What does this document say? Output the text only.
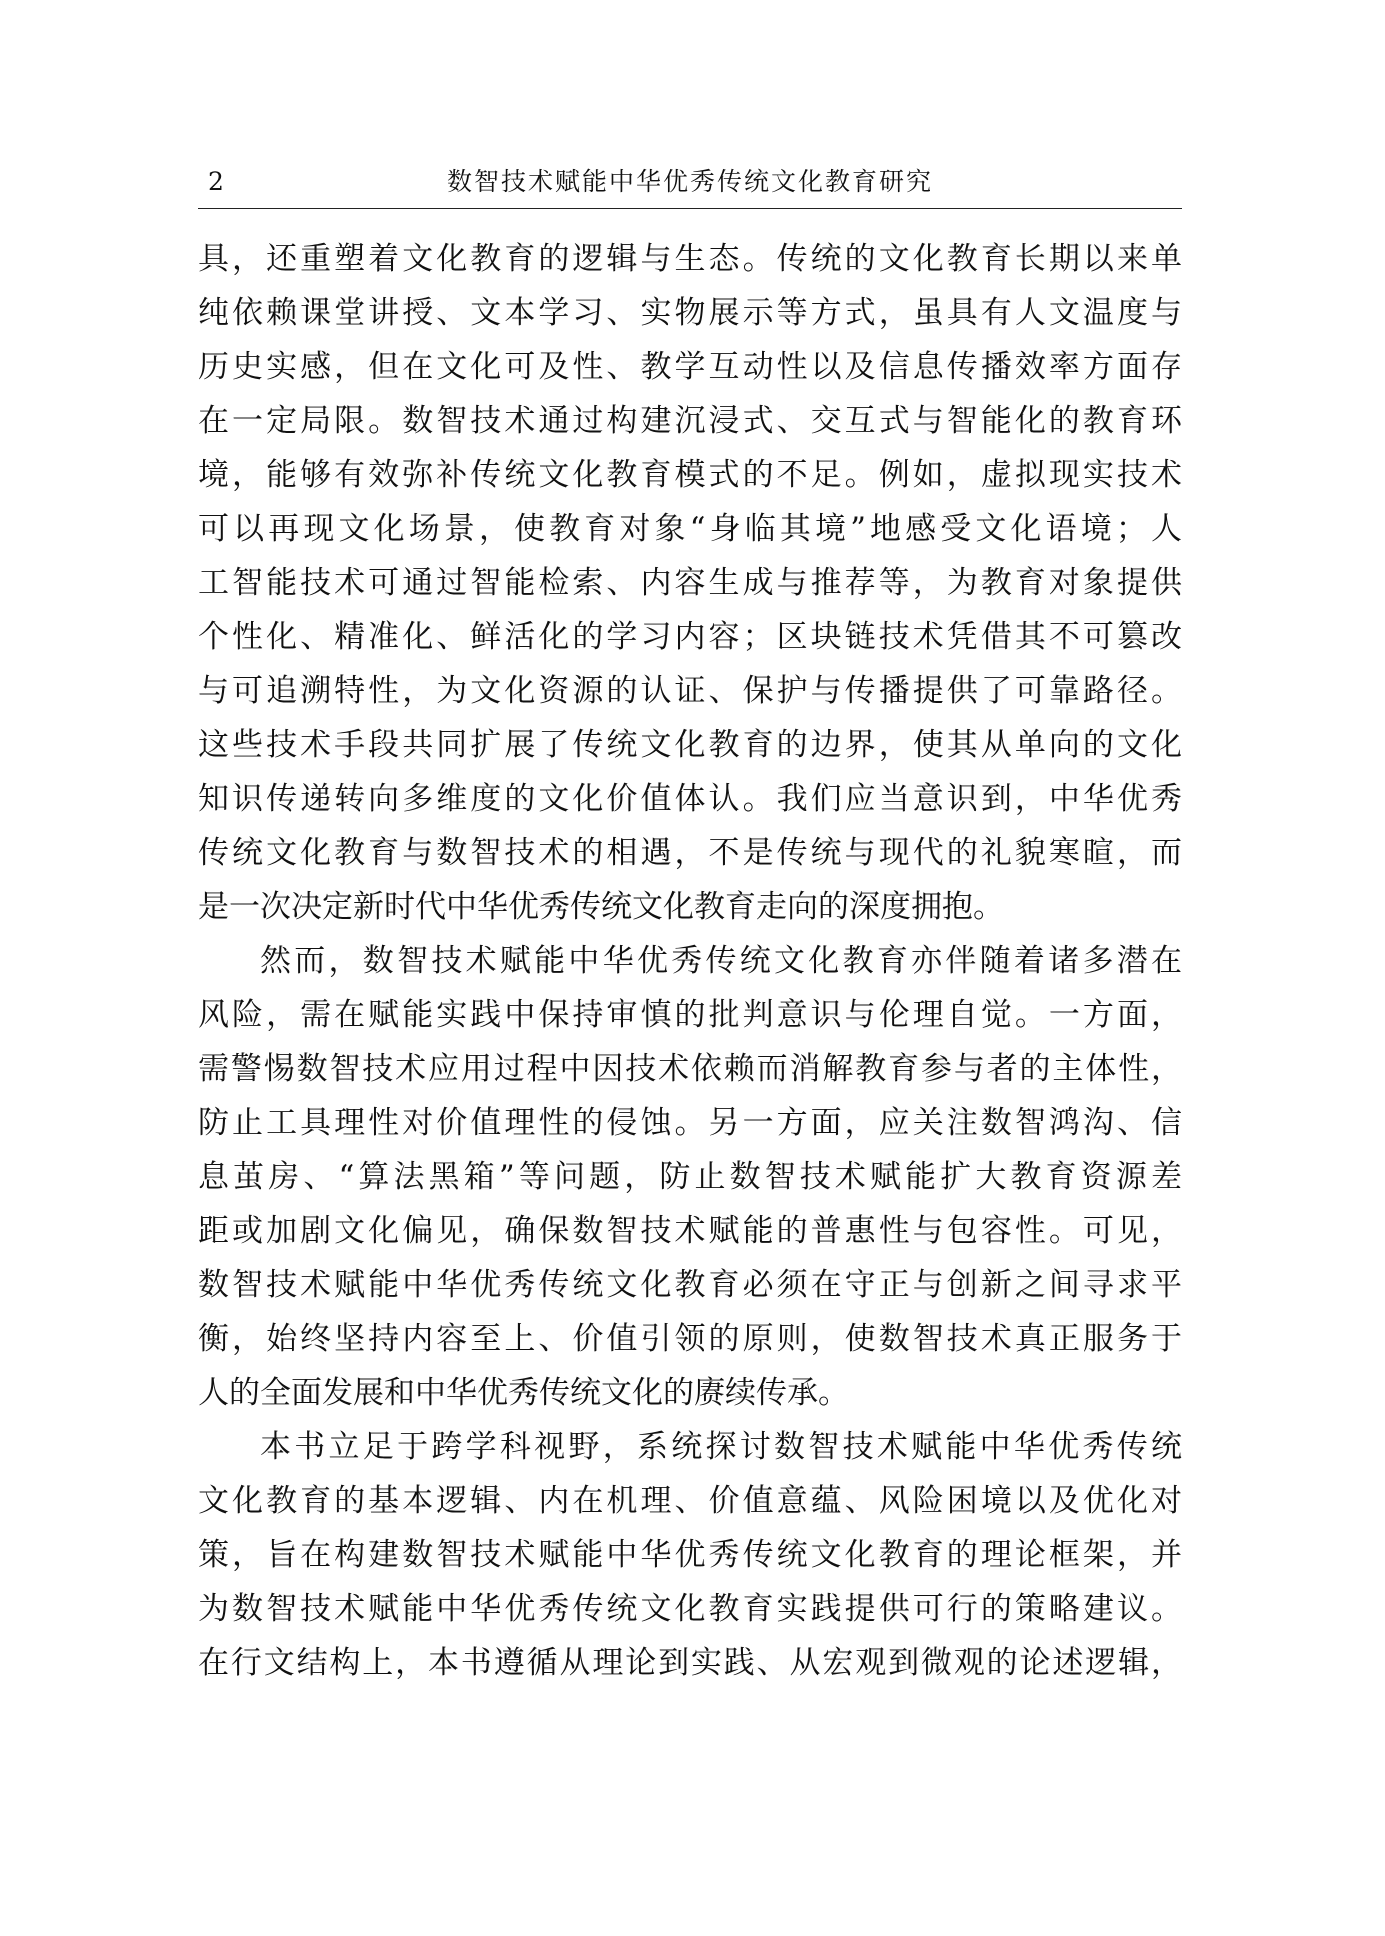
2	数智技术赋能中华优秀传统文化教育研究
具，还重塑着文化教育的逻辑与生态。传统的文化教育长期以来单
纯依赖课堂讲授、文本学习、实物展示等方式，虽具有人文温度与
历史实感，但在文化可及性、教学互动性以及信息传播效率方面存
在一定局限。数智技术通过构建沉浸式、交互式与智能化的教育环
境，能够有效弥补传统文化教育模式的不足。例如，虚拟现实技术
可以再现文化场景，使教育对象“身临其境”地感受文化语境；人
工智能技术可通过智能检索、内容生成与推荐等，为教育对象提供
个性化、精准化、鲜活化的学习内容；区块链技术凭借其不可篡改
与可追溯特性，为文化资源的认证、保护与传播提供了可靠路径。
这些技术手段共同扩展了传统文化教育的边界，使其从单向的文化
知识传递转向多维度的文化价值体认。我们应当意识到，中华优秀
传统文化教育与数智技术的相遇，不是传统与现代的礼貌寒暄，而
是一次决定新时代中华优秀传统文化教育走向的深度拥抱。
然而，数智技术赋能中华优秀传统文化教育亦伴随着诸多潜在
风险，需在赋能实践中保持审慎的批判意识与伦理自觉。一方面，
需警惕数智技术应用过程中因技术依赖而消解教育参与者的主体性，
防止工具理性对价值理性的侵蚀。另一方面，应关注数智鸿沟、信
息茧房、“算法黑箱”等问题，防止数智技术赋能扩大教育资源差
距或加剧文化偏见，确保数智技术赋能的普惠性与包容性。可见，
数智技术赋能中华优秀传统文化教育必须在守正与创新之间寻求平
衡，始终坚持内容至上、价值引领的原则，使数智技术真正服务于
人的全面发展和中华优秀传统文化的赓续传承。
本书立足于跨学科视野，系统探讨数智技术赋能中华优秀传统
文化教育的基本逻辑、内在机理、价值意蕴、风险困境以及优化对
策，旨在构建数智技术赋能中华优秀传统文化教育的理论框架，并
为数智技术赋能中华优秀传统文化教育实践提供可行的策略建议。
在行文结构上，本书遵循从理论到实践、从宏观到微观的论述逻辑，
